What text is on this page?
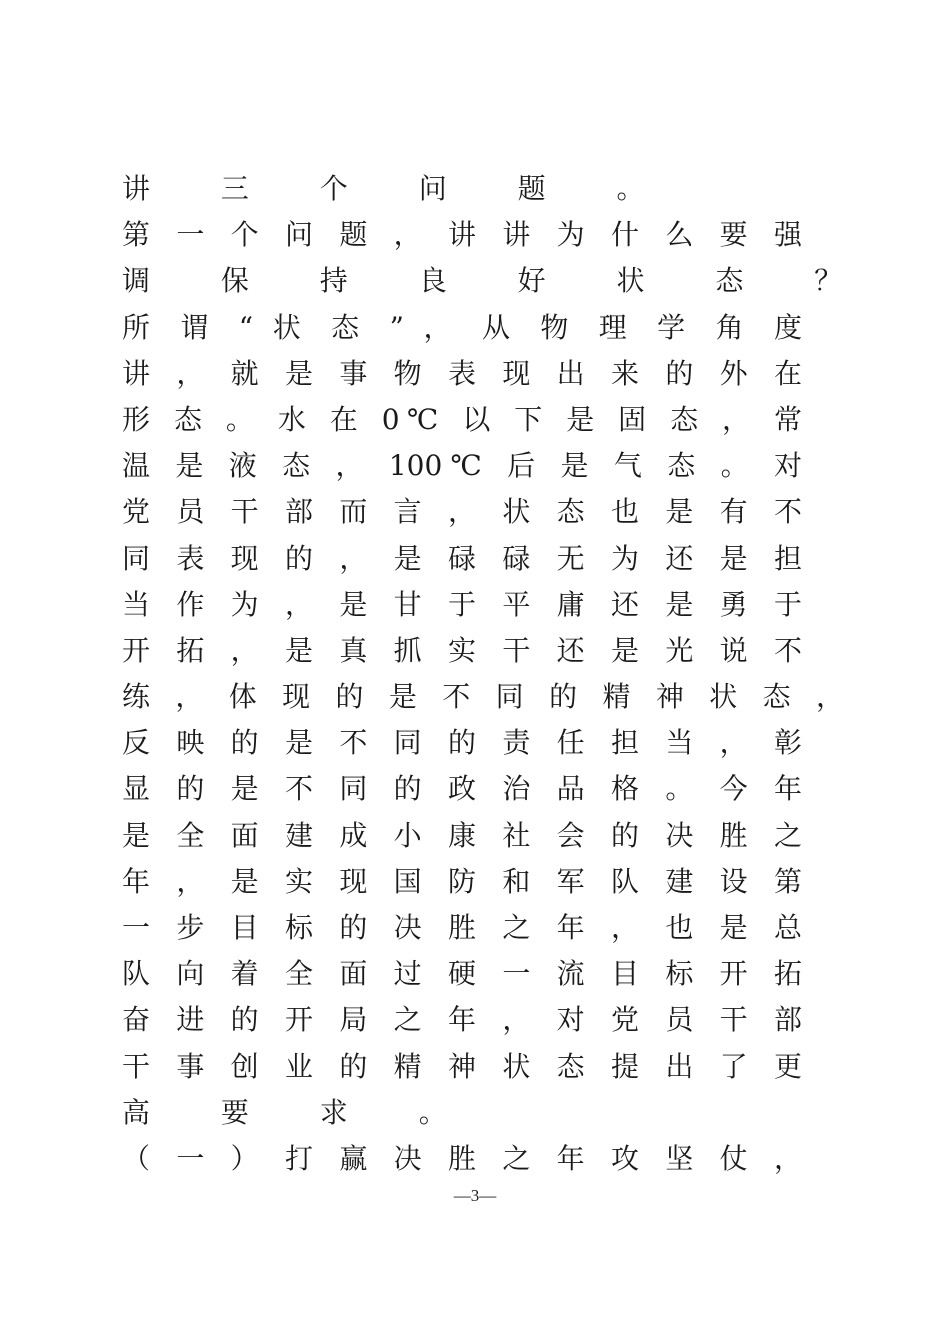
讲 三 个 问 题 。
第 一 个 问 题 ， 讲 讲 为 什 么 要 强
调 保 持 良 好 状 态 ？
所 谓 “ 状 态 ” ， 从 物 理 学 角 度
讲 ， 就 是 事 物 表 现 出 来 的 外 在
形 态 。 水 在 0℃ 以 下 是 固 态 ， 常
温 是 液 态 ， 100℃ 后 是 气 态 。 对
党 员 干 部 而 言 ， 状 态 也 是 有 不
同 表 现 的 ， 是 碌 碌 无 为 还 是 担
当 作 为 ， 是 甘 于 平 庸 还 是 勇 于
开 拓 ， 是 真 抓 实 干 还 是 光 说 不
练 ， 体 现 的 是 不 同 的 精 神 状 态 ，
反 映 的 是 不 同 的 责 任 担 当 ， 彰
显 的 是 不 同 的 政 治 品 格 。 今 年
是 全 面 建 成 小 康 社 会 的 决 胜 之
年 ， 是 实 现 国 防 和 军 队 建 设 第
一 步 目 标 的 决 胜 之 年 ， 也 是 总
队 向 着 全 面 过 硬 一 流 目 标 开 拓
奋 进 的 开 局 之 年 ， 对 党 员 干 部
干 事 创 业 的 精 神 状 态 提 出 了 更
高 要 求 。
（ 一 ） 打 赢 决 胜 之 年 攻 坚 仗 ，
—3—
